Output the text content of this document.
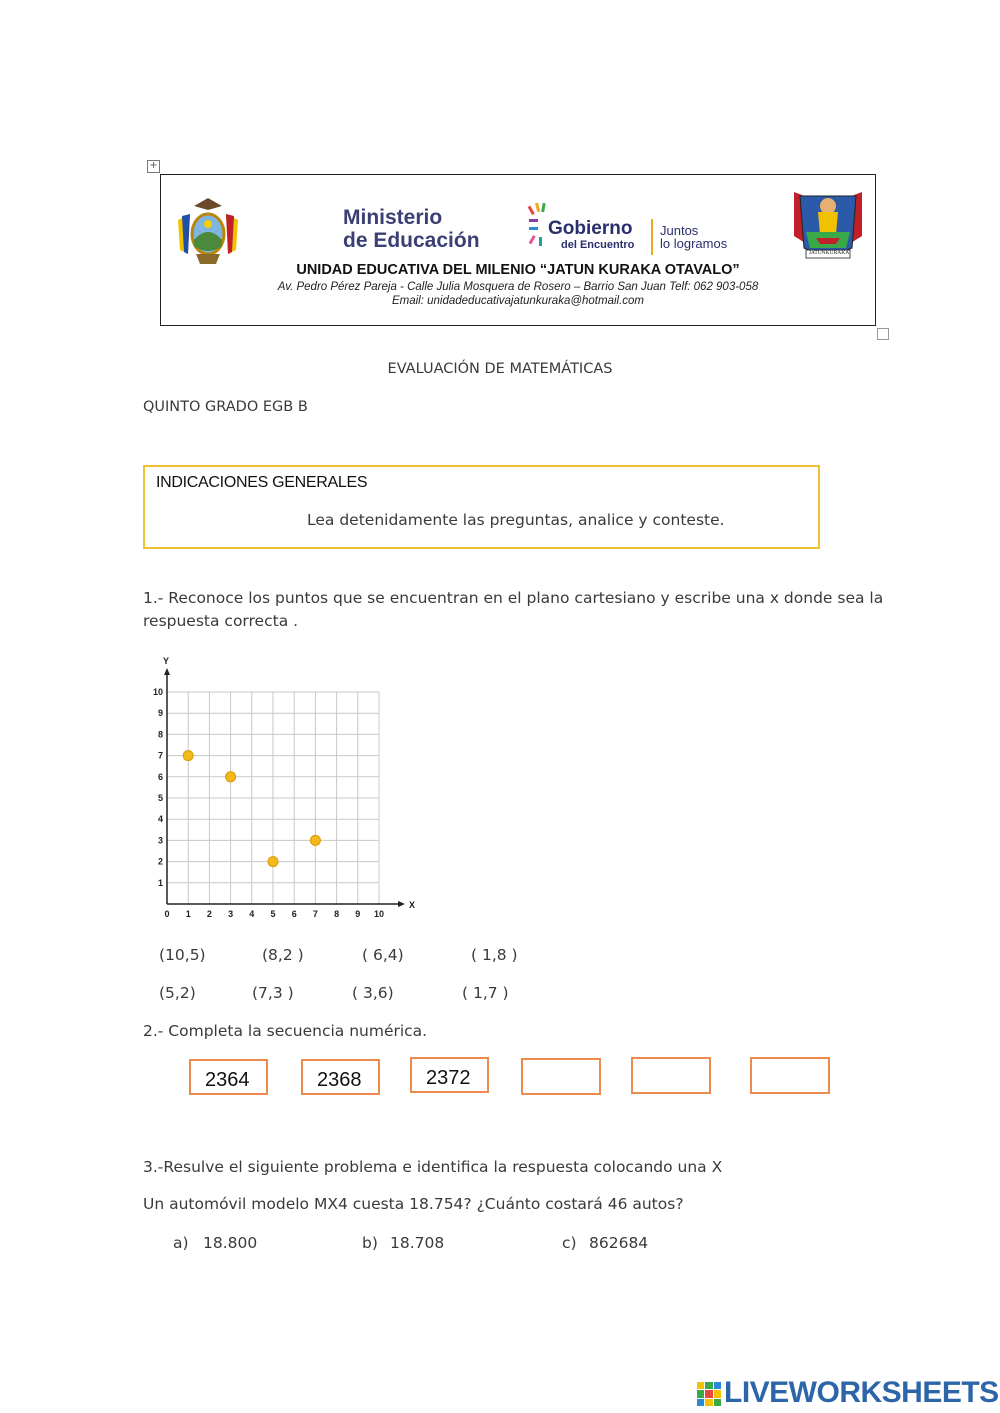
+
Ministerio
de Educación
Gobierno
del Encuentro
Juntos
lo logramos
JATUNKURAKA
UNIDAD EDUCATIVA DEL MILENIO “JATUN KURAKA OTAVALO”
Av. Pedro Pérez Pareja - Calle Julia Mosquera de Rosero – Barrio San Juan Telf: 062 903-058
Email: unidadeducativajatunkuraka@hotmail.com
EVALUACIÓN DE MATEMÁTICAS
QUINTO GRADO EGB B
INDICACIONES GENERALES
Lea detenidamente las preguntas, analice y conteste.
1.- Reconoce los puntos que se encuentran en el plano cartesiano y escribe una x donde sea la
respuesta correcta .
X
Y
0 1 2 3 4 5 6 7 8 9 10
1
2
3
4
5
6
7
8
9
10
(10,5)	(8,2 )	( 6,4)	( 1,8 )
(5,2)	(7,3 )	( 3,6)	( 1,7 )
2.- Completa la secuencia numérica.
2364	2368	2372
3.-Resulve el siguiente problema e identifica la respuesta colocando una X
Un automóvil modelo MX4 cuesta 18.754? ¿Cuánto costará 46 autos?
a) 18.800	b) 18.708	c) 862684
LIVEWORKSHEETS
